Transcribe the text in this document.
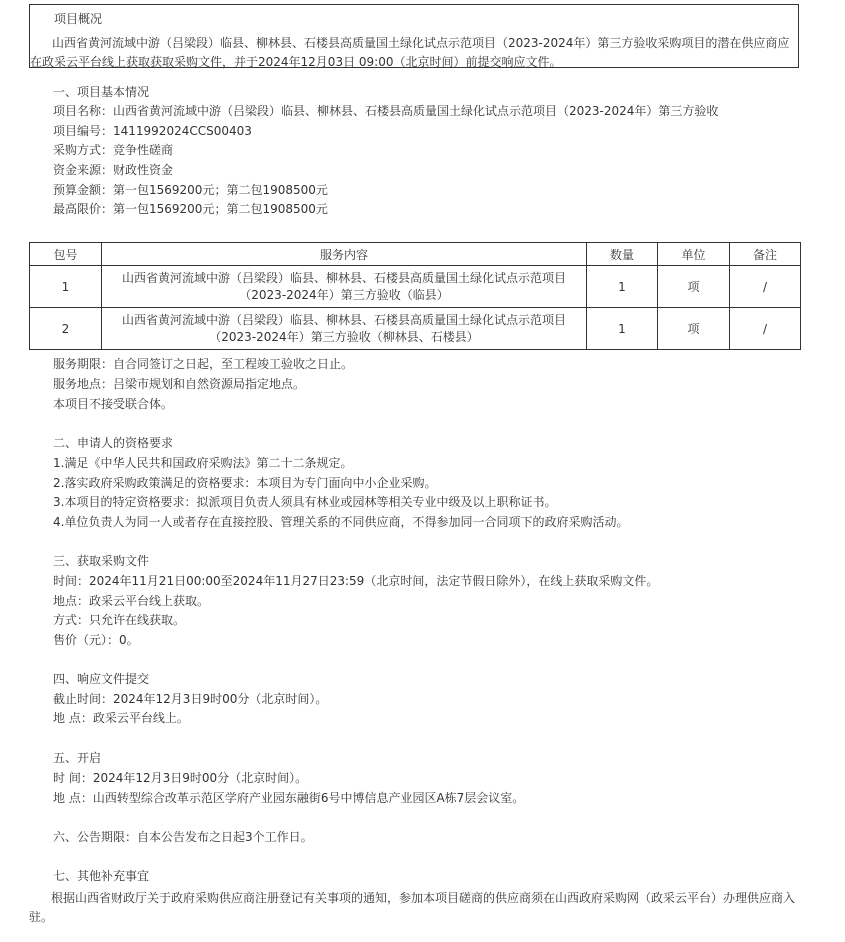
项目概况
山西省黄河流域中游（吕梁段）临县、柳林县、石楼县高质量国土绿化试点示范项目（2023-2024年）第三方验收采购项目的潜在供应商应在政采云平台线上获取获取采购文件，并于2024年12月03日 09:00（北京时间）前提交响应文件。
一、项目基本情况
项目名称：山西省黄河流域中游（吕梁段）临县、柳林县、石楼县高质量国土绿化试点示范项目（2023-2024年）第三方验收
项目编号：1411992024CCS00403
采购方式：竞争性磋商
资金来源：财政性资金
预算金额：第一包1569200元；第二包1908500元
最高限价：第一包1569200元；第二包1908500元
包号	服务内容	数量	单位	备注
1	山西省黄河流域中游（吕梁段）临县、柳林县、石楼县高质量国土绿化试点示范项目（2023-2024年）第三方验收（临县）	1	项	/
2	山西省黄河流域中游（吕梁段）临县、柳林县、石楼县高质量国土绿化试点示范项目（2023-2024年）第三方验收（柳林县、石楼县）	1	项	/
服务期限：自合同签订之日起，至工程竣工验收之日止。
服务地点：吕梁市规划和自然资源局指定地点。
本项目不接受联合体。
二、申请人的资格要求
1.满足《中华人民共和国政府采购法》第二十二条规定。
2.落实政府采购政策满足的资格要求：本项目为专门面向中小企业采购。
3.本项目的特定资格要求：拟派项目负责人须具有林业或园林等相关专业中级及以上职称证书。
4.单位负责人为同一人或者存在直接控股、管理关系的不同供应商，不得参加同一合同项下的政府采购活动。
三、获取采购文件
时间：2024年11月21日00:00至2024年11月27日23:59（北京时间，法定节假日除外），在线上获取采购文件。
地点：政采云平台线上获取。
方式：只允许在线获取。
售价（元）：0。
四、响应文件提交
截止时间：2024年12月3日9时00分（北京时间）。
地 点：政采云平台线上。
五、开启
时 间：2024年12月3日9时00分（北京时间）。
地 点：山西转型综合改革示范区学府产业园东融街6号中博信息产业园区A栋7层会议室。
六、公告期限：自本公告发布之日起3个工作日。
七、其他补充事宜
根据山西省财政厅关于政府采购供应商注册登记有关事项的通知，参加本项目磋商的供应商须在山西政府采购网（政采云平台）办理供应商入驻。
